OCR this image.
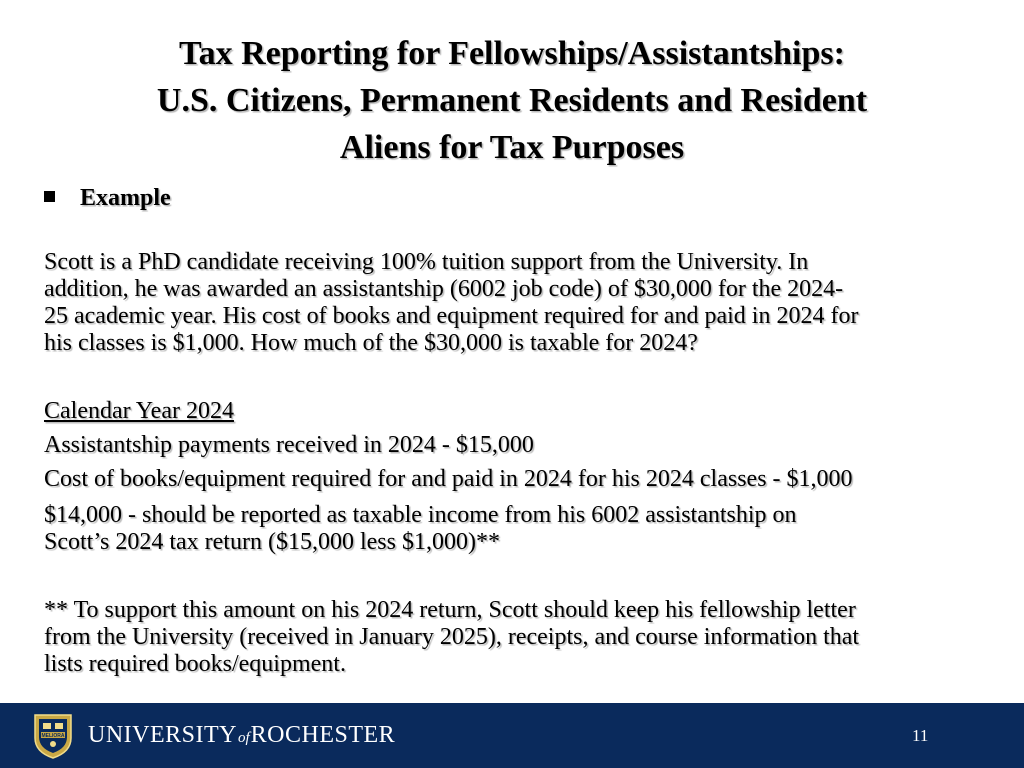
Tax Reporting for Fellowships/Assistantships:
U.S. Citizens, Permanent Residents and Resident
Aliens for Tax Purposes
Example
Scott is a PhD candidate receiving 100% tuition support from the University. In
addition, he was awarded an assistantship (6002 job code) of $30,000 for the 2024-
25 academic year. His cost of books and equipment required for and paid in 2024 for
his classes is $1,000. How much of the $30,000 is taxable for 2024?
Calendar Year 2024
Assistantship payments received in 2024 - $15,000
Cost of books/equipment required for and paid in 2024 for his 2024 classes - $1,000
$14,000 - should be reported as taxable income from his 6002 assistantship on
Scott’s 2024 tax return ($15,000 less $1,000)**
** To support this amount on his 2024 return, Scott should keep his fellowship letter
from the University (received in January 2025), receipts, and course information that
lists required books/equipment.
MELIORA UNIVERSITYofROCHESTER	11
